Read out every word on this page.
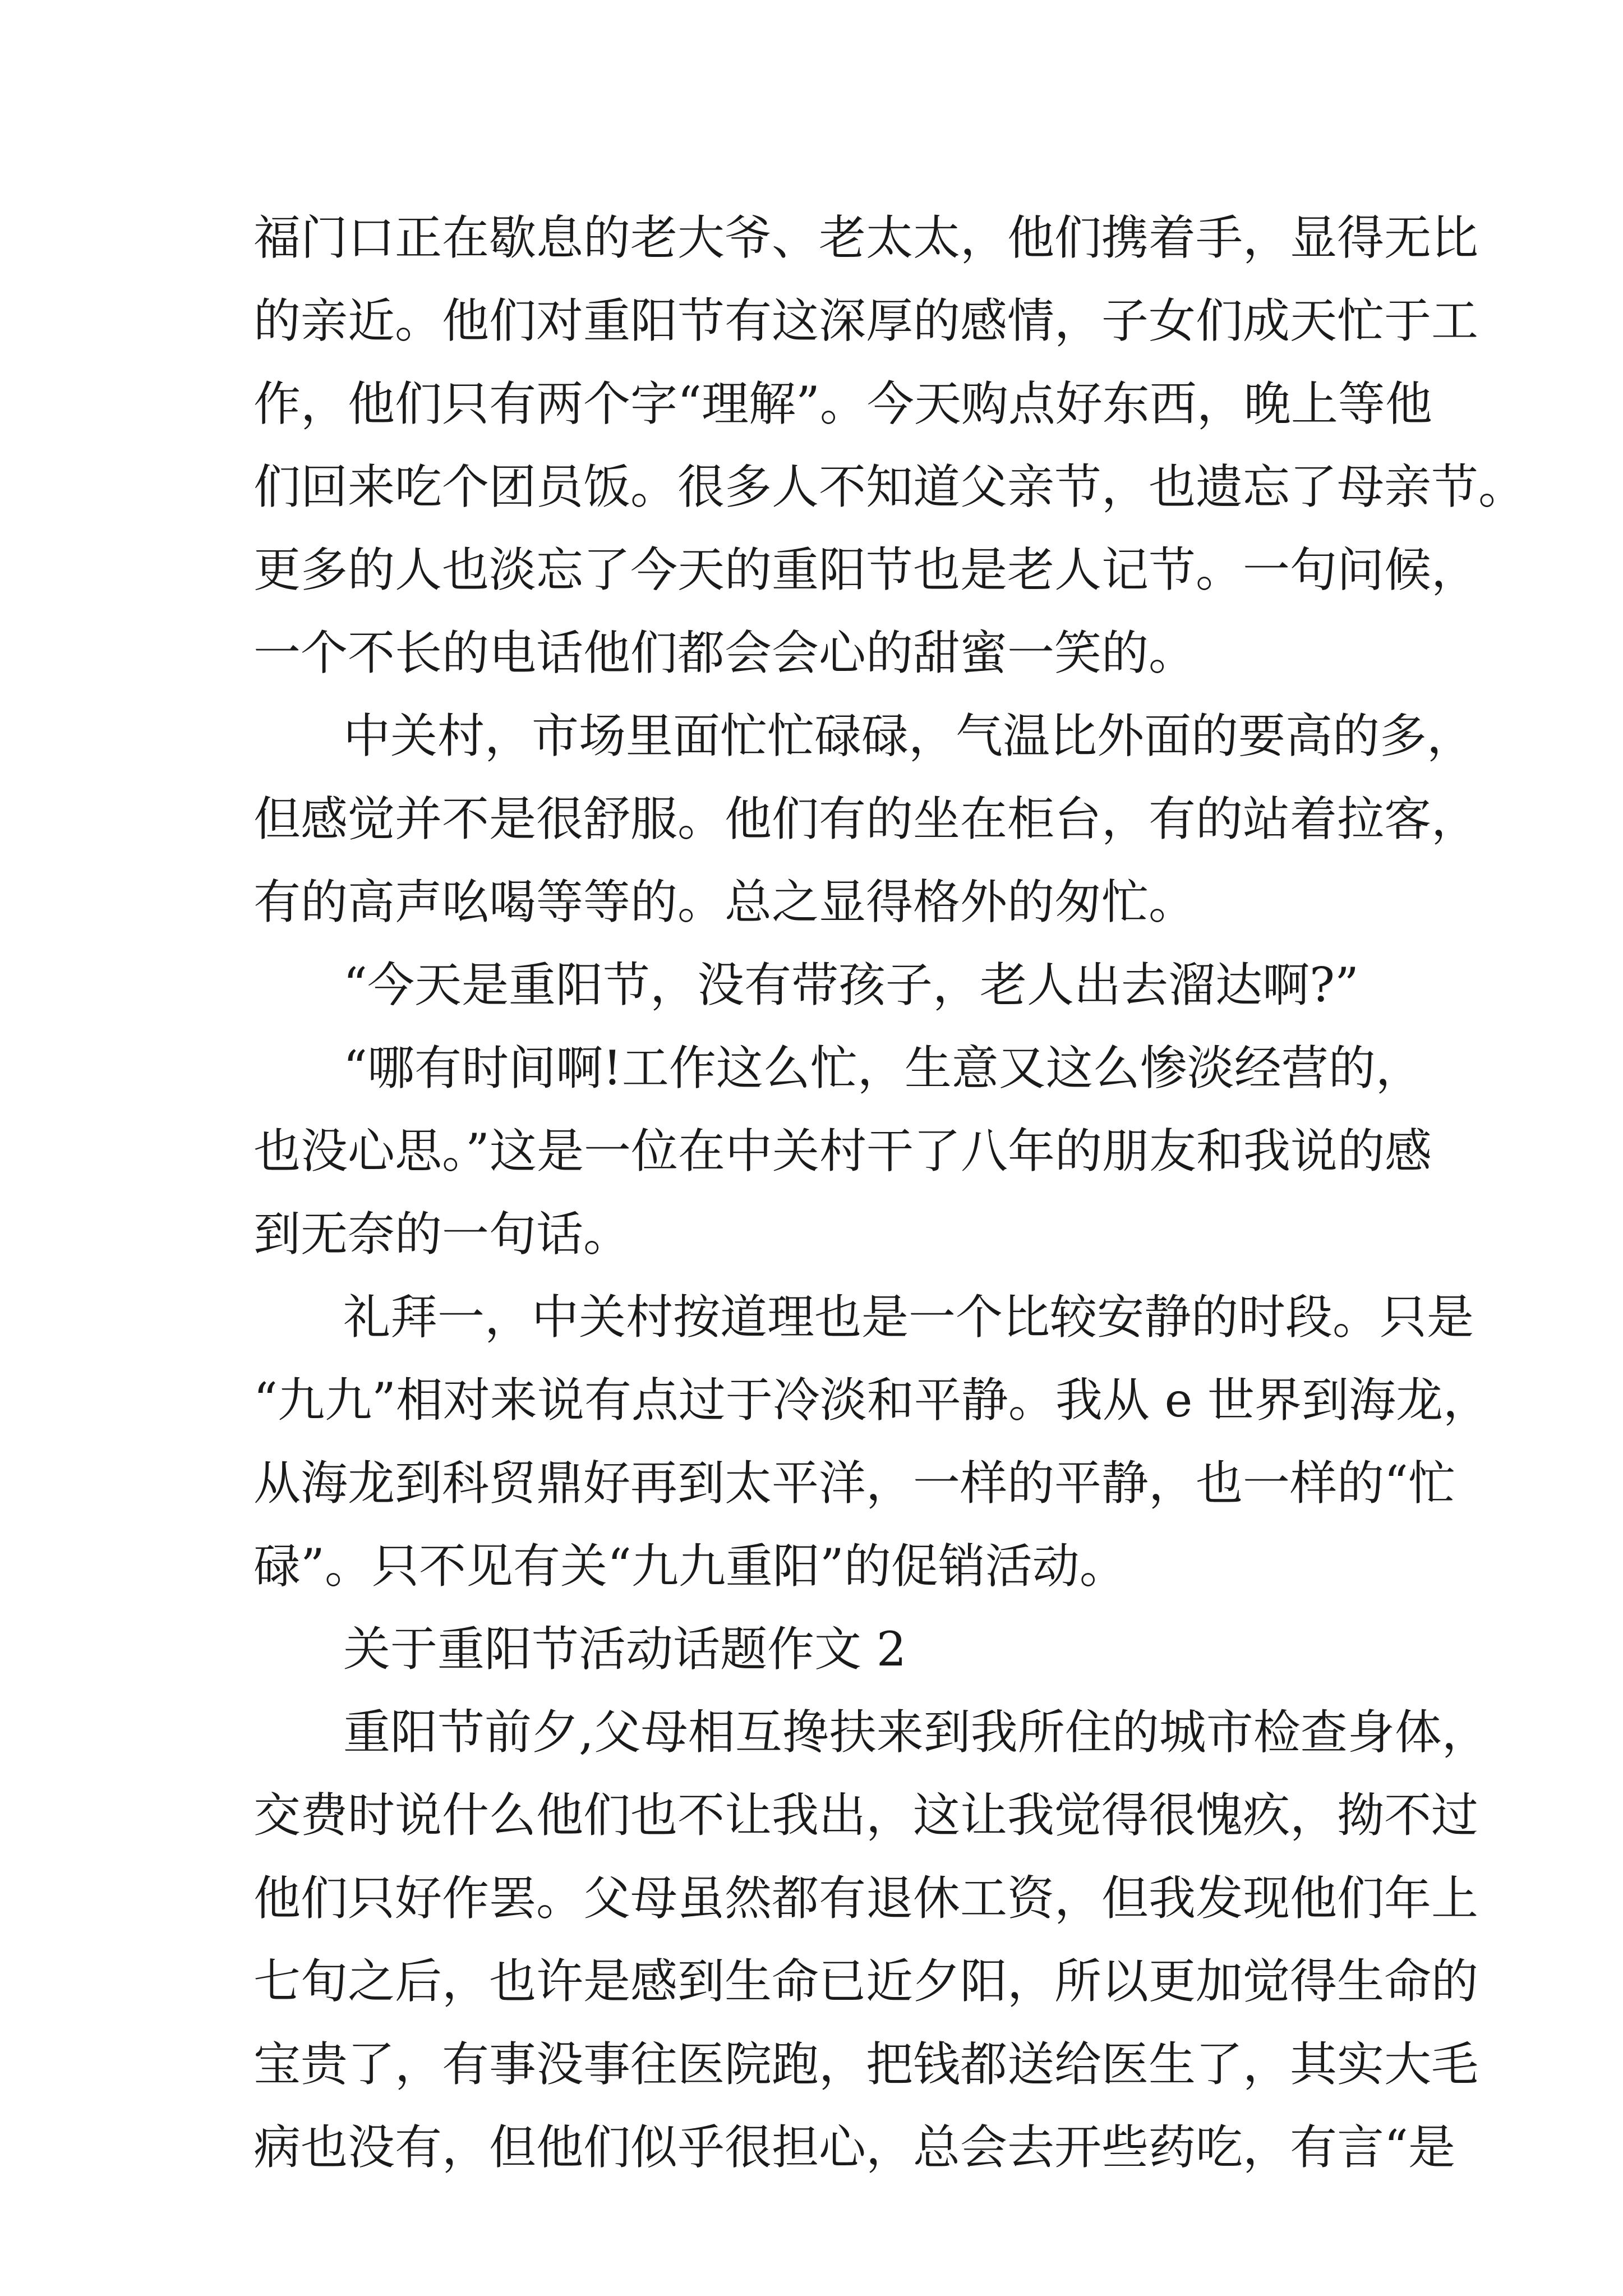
福门口正在歇息的老大爷、老太太，他们携着手，显得无比
的亲近。他们对重阳节有这深厚的感情，子女们成天忙于工
作，他们只有两个字“理解”。今天购点好东西，晚上等他
们回来吃个团员饭。很多人不知道父亲节，也遗忘了母亲节。
更多的人也淡忘了今天的重阳节也是老人记节。一句问候，
一个不长的电话他们都会会心的甜蜜一笑的。
中关村，市场里面忙忙碌碌，气温比外面的要高的多，
但感觉并不是很舒服。他们有的坐在柜台，有的站着拉客，
有的高声吆喝等等的。总之显得格外的匆忙。
“今天是重阳节，没有带孩子，老人出去溜达啊?”
“哪有时间啊!工作这么忙，生意又这么惨淡经营的，
也没心思。”这是一位在中关村干了八年的朋友和我说的感
到无奈的一句话。
礼拜一，中关村按道理也是一个比较安静的时段。只是
“九九”相对来说有点过于冷淡和平静。我从 e 世界到海龙，
从海龙到科贸鼎好再到太平洋，一样的平静，也一样的“忙
碌”。只不见有关“九九重阳”的促销活动。
关于重阳节活动话题作文 2
重阳节前夕,父母相互搀扶来到我所住的城市检查身体，
交费时说什么他们也不让我出，这让我觉得很愧疚，拗不过
他们只好作罢。父母虽然都有退休工资，但我发现他们年上
七旬之后，也许是感到生命已近夕阳，所以更加觉得生命的
宝贵了，有事没事往医院跑，把钱都送给医生了，其实大毛
病也没有，但他们似乎很担心，总会去开些药吃，有言“是
